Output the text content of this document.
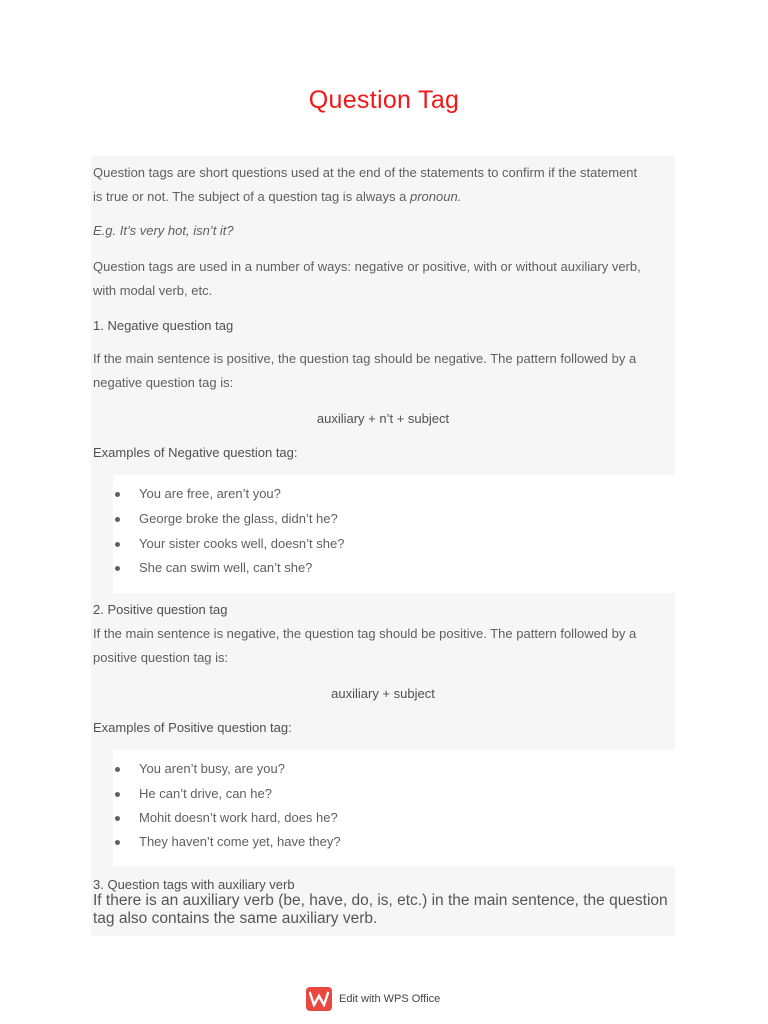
Question Tag
Question tags are short questions used at the end of the statements to confirm if the statement
is true or not. The subject of a question tag is always a pronoun.
E.g. It’s very hot, isn’t it?
Question tags are used in a number of ways: negative or positive, with or without auxiliary verb,
with modal verb, etc.
1. Negative question tag
If the main sentence is positive, the question tag should be negative. The pattern followed by a
negative question tag is:
auxiliary + n’t + subject
Examples of Negative question tag:
You are free, aren’t you?
George broke the glass, didn’t he?
Your sister cooks well, doesn’t she?
She can swim well, can’t she?
2. Positive question tag
If the main sentence is negative, the question tag should be positive. The pattern followed by a
positive question tag is:
auxiliary + subject
Examples of Positive question tag:
You aren’t busy, are you?
He can’t drive, can he?
Mohit doesn’t work hard, does he?
They haven’t come yet, have they?
3. Question tags with auxiliary verb
If there is an auxiliary verb (be, have, do, is, etc.) in the main sentence, the question
tag also contains the same auxiliary verb.
Edit with WPS Office
